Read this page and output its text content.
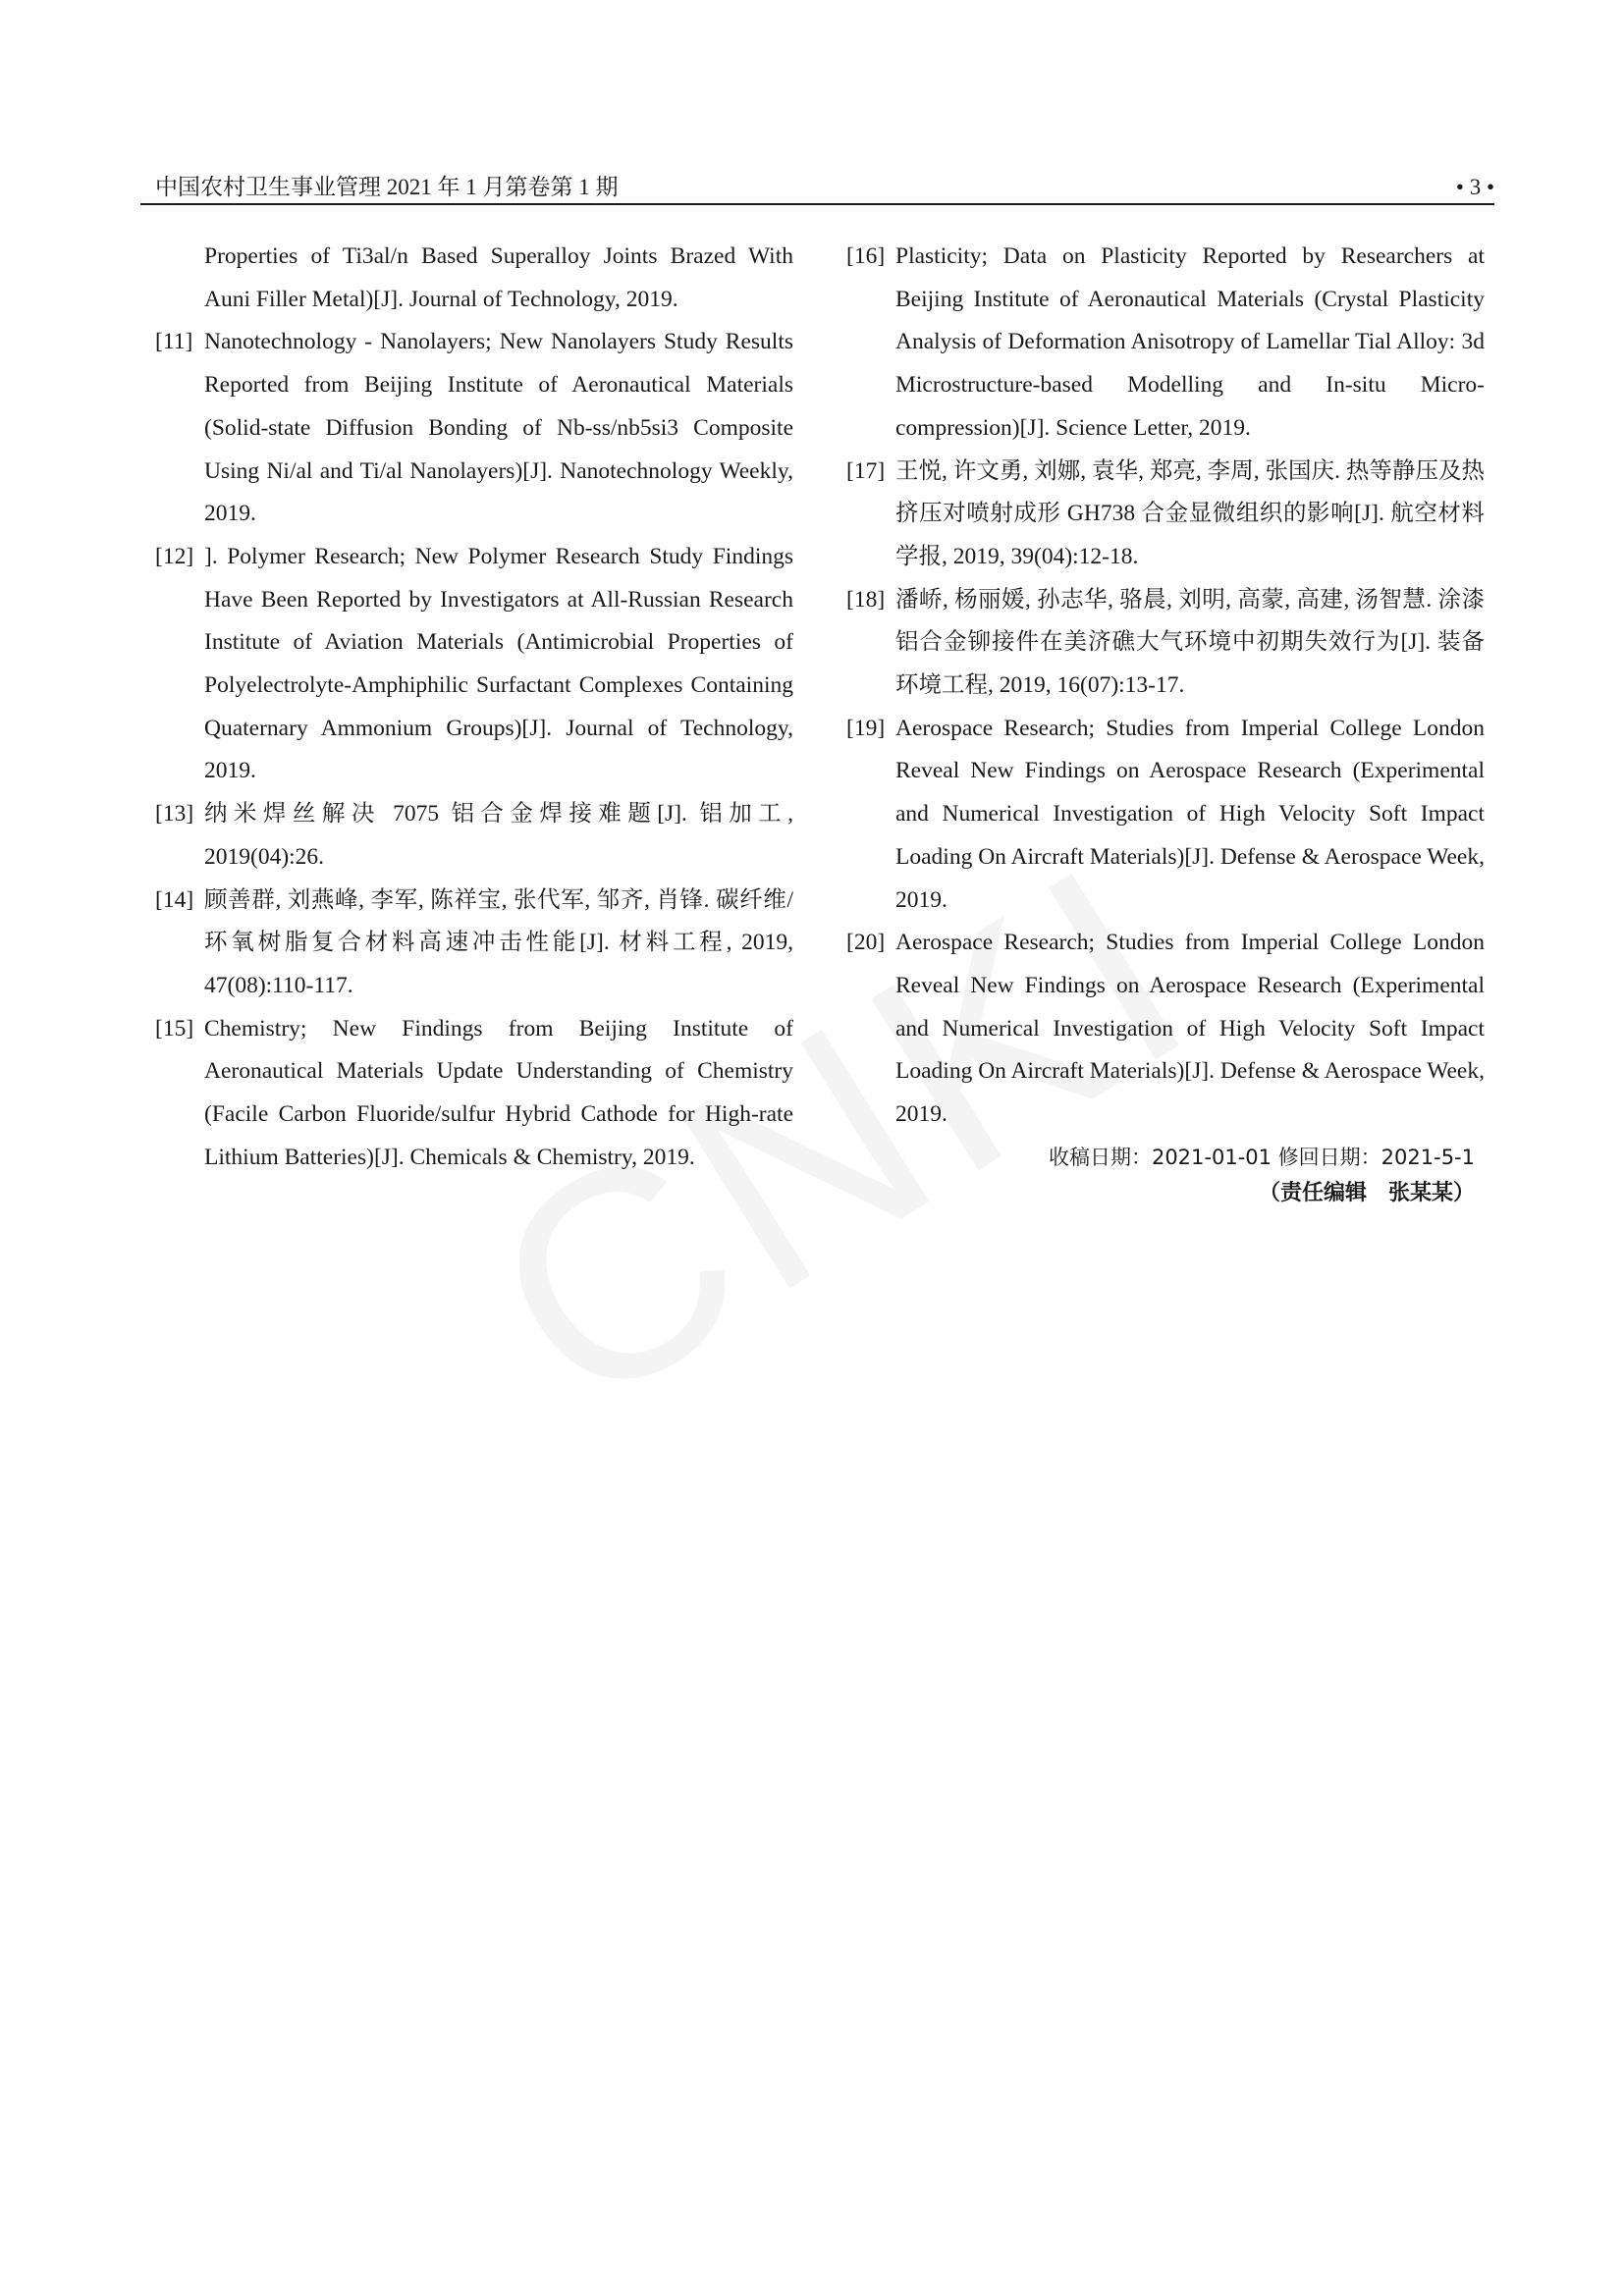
中国农村卫生事业管理 2021 年 1 月第卷第 1 期	• 3 •
Properties of Ti3al/n Based Superalloy Joints Brazed With Auni Filler Metal)[J]. Journal of Technology, 2019.
[11] Nanotechnology - Nanolayers; New Nanolayers Study Results Reported from Beijing Institute of Aeronautical Materials (Solid-state Diffusion Bonding of Nb-ss/nb5si3 Composite Using Ni/al and Ti/al Nanolayers)[J]. Nanotechnology Weekly, 2019.
[12] ]. Polymer Research; New Polymer Research Study Findings Have Been Reported by Investigators at All-Russian Research Institute of Aviation Materials (Antimicrobial Properties of Polyelectrolyte-Amphiphilic Surfactant Complexes Containing Quaternary Ammonium Groups)[J]. Journal of Technology, 2019.
[13] 纳米焊丝解决 7075 铝合金焊接难题[J]. 铝加工, 2019(04):26.
[14] 顾善群, 刘燕峰, 李军, 陈祥宝, 张代军, 邹齐, 肖锋. 碳纤维/环氧树脂复合材料高速冲击性能[J]. 材料工程, 2019, 47(08):110-117.
[15] Chemistry; New Findings from Beijing Institute of Aeronautical Materials Update Understanding of Chemistry (Facile Carbon Fluoride/sulfur Hybrid Cathode for High-rate Lithium Batteries)[J]. Chemicals & Chemistry, 2019.
[16] Plasticity; Data on Plasticity Reported by Researchers at Beijing Institute of Aeronautical Materials (Crystal Plasticity Analysis of Deformation Anisotropy of Lamellar Tial Alloy: 3d Microstructure-based Modelling and In-situ Micro-compression)[J]. Science Letter, 2019.
[17] 王悦, 许文勇, 刘娜, 袁华, 郑亮, 李周, 张国庆. 热等静压及热挤压对喷射成形 GH738 合金显微组织的影响[J]. 航空材料学报, 2019, 39(04):12-18.
[18] 潘峤, 杨丽媛, 孙志华, 骆晨, 刘明, 高蒙, 高建, 汤智慧. 涂漆铝合金铆接件在美济礁大气环境中初期失效行为[J]. 装备环境工程, 2019, 16(07):13-17.
[19] Aerospace Research; Studies from Imperial College London Reveal New Findings on Aerospace Research (Experimental and Numerical Investigation of High Velocity Soft Impact Loading On Aircraft Materials)[J]. Defense & Aerospace Week, 2019.
[20] Aerospace Research; Studies from Imperial College London Reveal New Findings on Aerospace Research (Experimental and Numerical Investigation of High Velocity Soft Impact Loading On Aircraft Materials)[J]. Defense & Aerospace Week, 2019.
收稿日期：2021-01-01 修回日期：2021-5-1
（责任编辑　张某某）
